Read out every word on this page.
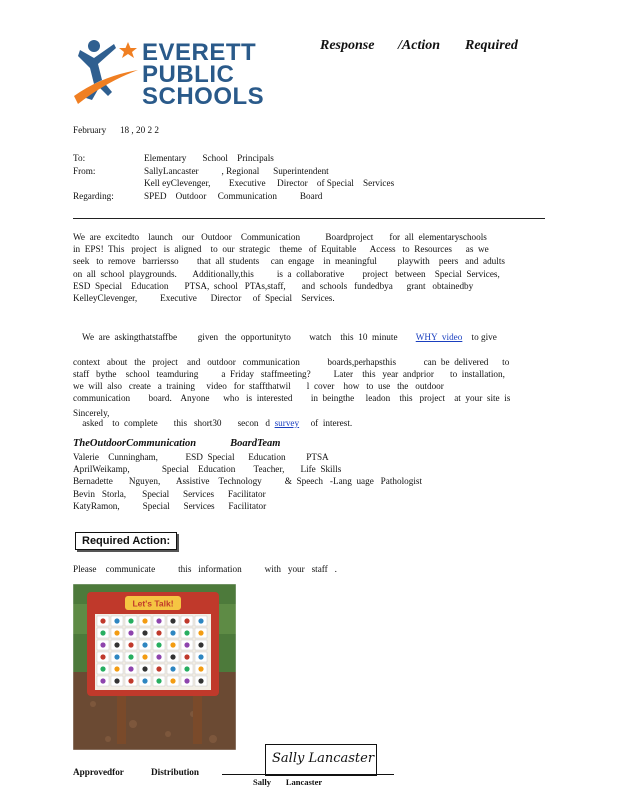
EVERETT
PUBLIC
SCHOOLS
Response /Action Required
February      18 , 20 2 2
To:	Elementary       School    Principals
From:	SallyLancaster          , Regional      Superintendent
	Kell eyClevenger,        Executive     Director    of Special    Services
Regarding:	SPED    Outdoor     Communication          Board
We  are  excitedto    launch    our   Outdoor    Communication           Boardproject       for  all  elementaryschools
in  EPS!  This   project   is  aligned    to  our  strategic    theme   of  Equitable      Access   to  Resources      as  we
seek   to  remove   barriersso        that  all  students     can  engage    in  meaningful         playwith    peers   and  adults
on  all  school  playgrounds.       Additionally,this          is  a  collaborative        project   between    Special  Services,
ESD  Special    Education       PTSA,  school   PTAs,staff,       and  schools   fundedbya      grant   obtainedby
KelleyClevenger,          Executive      Director     of  Special    Services.

We  are  askingthatstaffbe         given   the  opportunityto        watch    this  10  minute        WHY  video    to give

context   about   the   project    and   outdoor   communication            boards,perhapsthis            can  be  delivered      to
staff   bythe    school   teamduring          a  Friday   staffmeeting?          Later    this   year  andprior       to  installation,
we  will  also   create   a  training     video   for  staffthatwil       l  cover    how   to  use   the   outdoor
communication        board.    Anyone      who   is  interested        in  beingthe     leadon    this   project    at  your  site  is

asked    to  complete       this   short30       secon   d  survey     of  interest.

Sincerely,
TheOutdoorCommunication	BoardTeam
Valerie    Cunningham,            ESD  Special      Education         PTSA
AprilWeikamp,              Special    Education        Teacher,       Life  Skills
Bernadette       Nguyen,       Assistive    Technology          &  Speech   -Lang  uage   Pathologist
Bevin   Storla,       Special      Services      Facilitator
KatyRamon,          Special      Services      Facilitator
Required Action:
Please    communicate          this   information          with   your   staff   .
Let's Talk!
Approvedfor	Distribution
Sally Lancaster
Sally       Lancaster
